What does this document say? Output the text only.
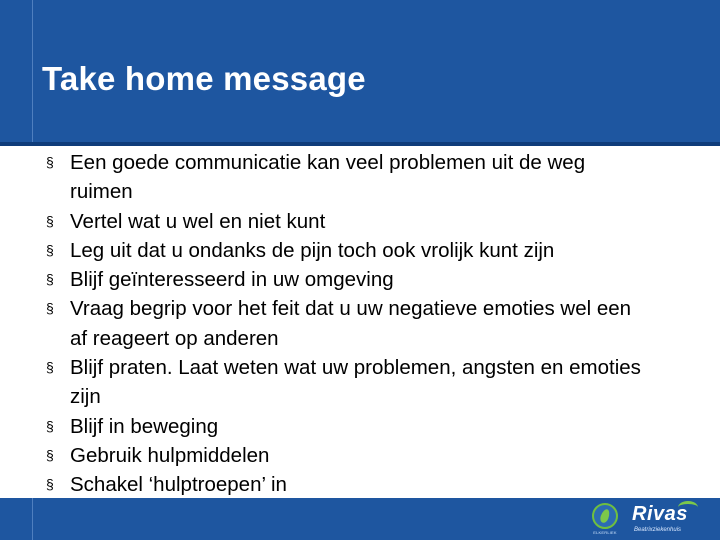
Take home message
§ Een goede communicatie kan veel problemen uit de weg
ruimen
§ Vertel wat u wel en niet kunt
§ Leg uit dat u ondanks de pijn toch ook vrolijk kunt zijn
§ Blijf geïnteresseerd in uw omgeving
§ Vraag begrip voor het feit dat u uw negatieve emoties wel een
af reageert op anderen
§ Blijf praten. Laat weten wat uw problemen, angsten en emoties
zijn
§ Blijf in beweging
§ Gebruik hulpmiddelen
§ Schakel ‘hulptroepen’ in
ELKERLIEK
Rivas
Beatrixziekenhuis
